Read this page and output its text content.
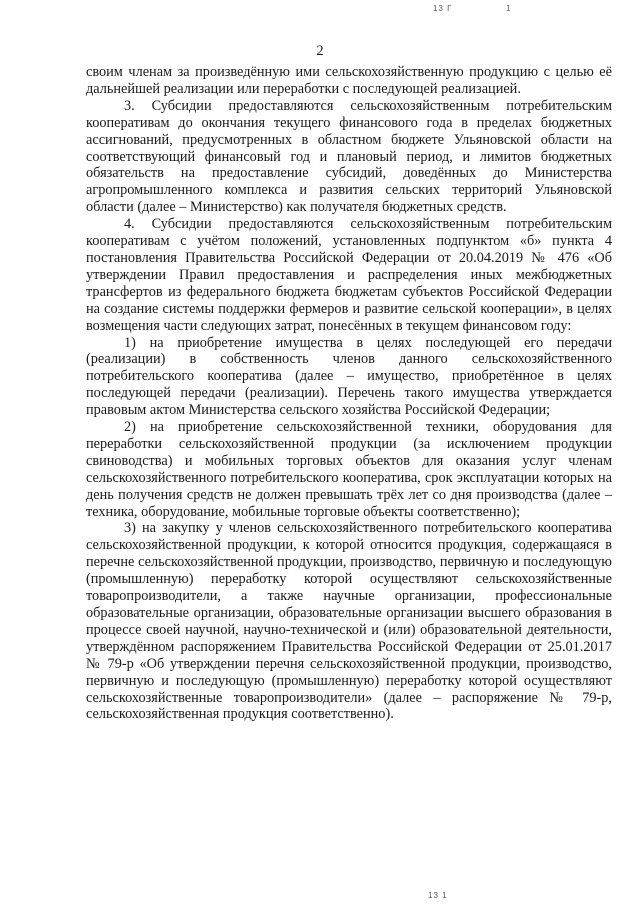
13 Г	1
2

своим членам за произведённую ими сельскохозяйственную продукцию с целью её дальнейшей реализации или переработки с последующей реализацией.

3. Субсидии предоставляются сельскохозяйственным потребительским кооперативам до окончания текущего финансового года в пределах бюджетных ассигнований, предусмотренных в областном бюджете Ульяновской области на соответствующий финансовый год и плановый период, и лимитов бюджетных обязательств на предоставление субсидий, доведённых до Министерства агропромышленного комплекса и развития сельских территорий Ульяновской области (далее – Министерство) как получателя бюджетных средств.

4. Субсидии предоставляются сельскохозяйственным потребительским кооперативам с учётом положений, установленных подпунктом «б» пункта 4 постановления Правительства Российской Федерации от 20.04.2019 № 476 «Об утверждении Правил предоставления и распределения иных межбюджетных трансфертов из федерального бюджета бюджетам субъектов Российской Федерации на создание системы поддержки фермеров и развитие сельской кооперации», в целях возмещения части следующих затрат, понесённых в текущем финансовом году:

1) на приобретение имущества в целях последующей его передачи (реализации) в собственность членов данного сельскохозяйственного потребительского кооператива (далее – имущество, приобретённое в целях последующей передачи (реализации). Перечень такого имущества утверждается правовым актом Министерства сельского хозяйства Российской Федерации;

2) на приобретение сельскохозяйственной техники, оборудования для переработки сельскохозяйственной продукции (за исключением продукции свиноводства) и мобильных торговых объектов для оказания услуг членам сельскохозяйственного потребительского кооператива, срок эксплуатации которых на день получения средств не должен превышать трёх лет со дня производства (далее – техника, оборудование, мобильные торговые объекты соответственно);

3) на закупку у членов сельскохозяйственного потребительского кооператива сельскохозяйственной продукции, к которой относится продукция, содержащаяся в перечне сельскохозяйственной продукции, производство, первичную и последующую (промышленную) переработку которой осуществляют сельскохозяйственные товаропроизводители, а также научные организации, профессиональные образовательные организации, образовательные организации высшего образования в процессе своей научной, научно-технической и (или) образовательной деятельности, утверждённом распоряжением Правительства Российской Федерации от 25.01.2017 № 79-р «Об утверждении перечня сельскохозяйственной продукции, производство, первичную и последующую (промышленную) переработку которой осуществляют сельскохозяйственные товаропроизводители» (далее – распоряжение № 79-р, сельскохозяйственная продукция соответственно).

13 1
